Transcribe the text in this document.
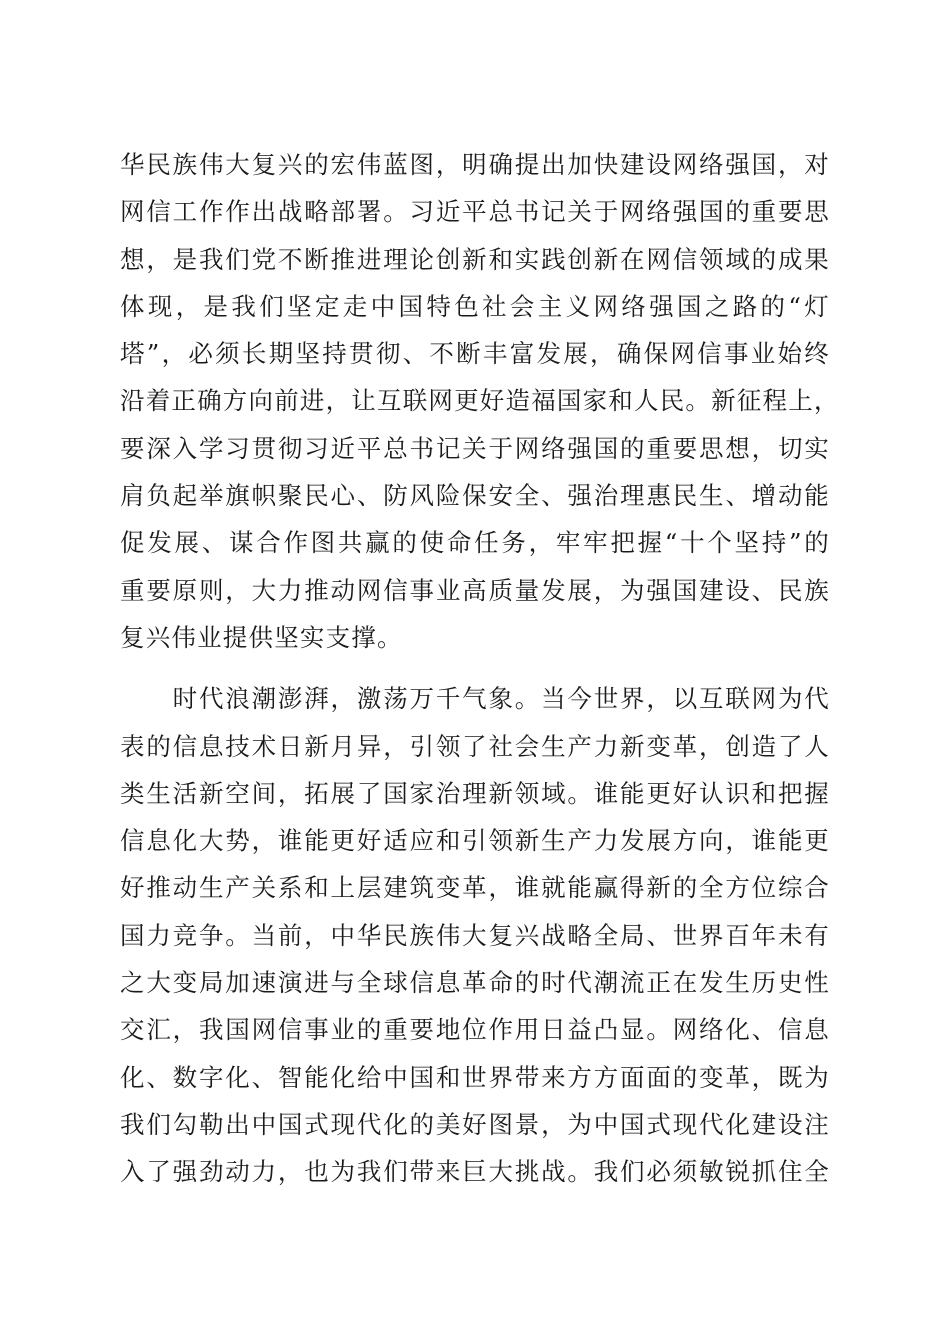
华民族伟大复兴的宏伟蓝图，明确提出加快建设网络强国，对
网信工作作出战略部署。习近平总书记关于网络强国的重要思
想，是我们党不断推进理论创新和实践创新在网信领域的成果
体现，是我们坚定走中国特色社会主义网络强国之路的“灯
塔”，必须长期坚持贯彻、不断丰富发展，确保网信事业始终
沿着正确方向前进，让互联网更好造福国家和人民。新征程上，
要深入学习贯彻习近平总书记关于网络强国的重要思想，切实
肩负起举旗帜聚民心、防风险保安全、强治理惠民生、增动能
促发展、谋合作图共赢的使命任务，牢牢把握“十个坚持”的
重要原则，大力推动网信事业高质量发展，为强国建设、民族
复兴伟业提供坚实支撑。
　　时代浪潮澎湃，激荡万千气象。当今世界，以互联网为代
表的信息技术日新月异，引领了社会生产力新变革，创造了人
类生活新空间，拓展了国家治理新领域。谁能更好认识和把握
信息化大势，谁能更好适应和引领新生产力发展方向，谁能更
好推动生产关系和上层建筑变革，谁就能赢得新的全方位综合
国力竞争。当前，中华民族伟大复兴战略全局、世界百年未有
之大变局加速演进与全球信息革命的时代潮流正在发生历史性
交汇，我国网信事业的重要地位作用日益凸显。网络化、信息
化、数字化、智能化给中国和世界带来方方面面的变革，既为
我们勾勒出中国式现代化的美好图景，为中国式现代化建设注
入了强劲动力，也为我们带来巨大挑战。我们必须敏锐抓住全
